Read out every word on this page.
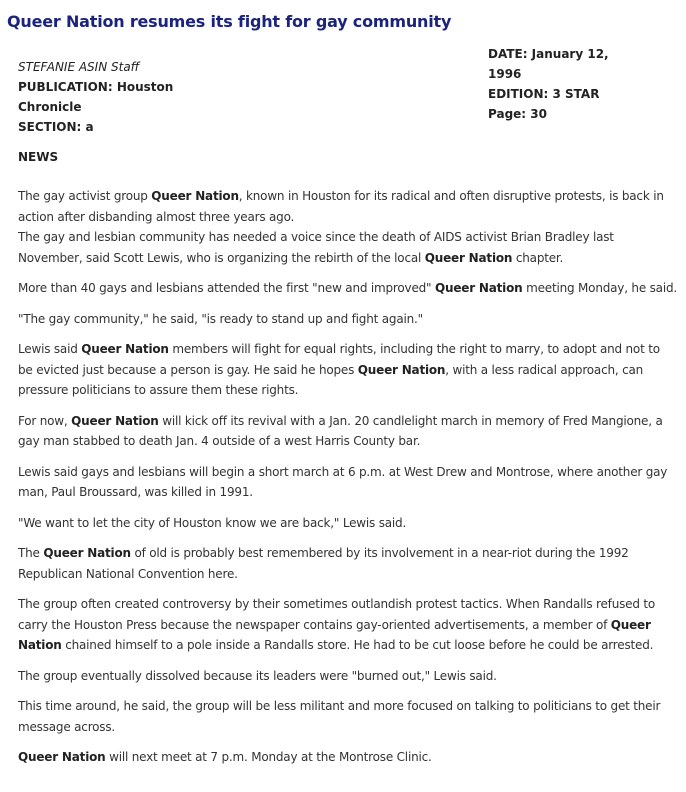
Queer Nation resumes its fight for gay community
STEFANIE ASIN Staff
PUBLICATION: Houston
Chronicle
SECTION: a
DATE: January 12,
1996
EDITION: 3 STAR
Page: 30
NEWS

The gay activist group Queer Nation, known in Houston for its radical and often disruptive protests, is back in action after disbanding almost three years ago.

The gay and lesbian community has needed a voice since the death of AIDS activist Brian Bradley last November, said Scott Lewis, who is organizing the rebirth of the local Queer Nation chapter.

More than 40 gays and lesbians attended the first "new and improved" Queer Nation meeting Monday, he said.

"The gay community," he said, "is ready to stand up and fight again."

Lewis said Queer Nation members will fight for equal rights, including the right to marry, to adopt and not to be evicted just because a person is gay. He said he hopes Queer Nation, with a less radical approach, can pressure politicians to assure them these rights.

For now, Queer Nation will kick off its revival with a Jan. 20 candlelight march in memory of Fred Mangione, a gay man stabbed to death Jan. 4 outside of a west Harris County bar.

Lewis said gays and lesbians will begin a short march at 6 p.m. at West Drew and Montrose, where another gay man, Paul Broussard, was killed in 1991.

"We want to let the city of Houston know we are back," Lewis said.

The Queer Nation of old is probably best remembered by its involvement in a near-riot during the 1992 Republican National Convention here.

The group often created controversy by their sometimes outlandish protest tactics. When Randalls refused to carry the Houston Press because the newspaper contains gay-oriented advertisements, a member of Queer Nation chained himself to a pole inside a Randalls store. He had to be cut loose before he could be arrested.

The group eventually dissolved because its leaders were "burned out," Lewis said.

This time around, he said, the group will be less militant and more focused on talking to politicians to get their message across.

Queer Nation will next meet at 7 p.m. Monday at the Montrose Clinic.
